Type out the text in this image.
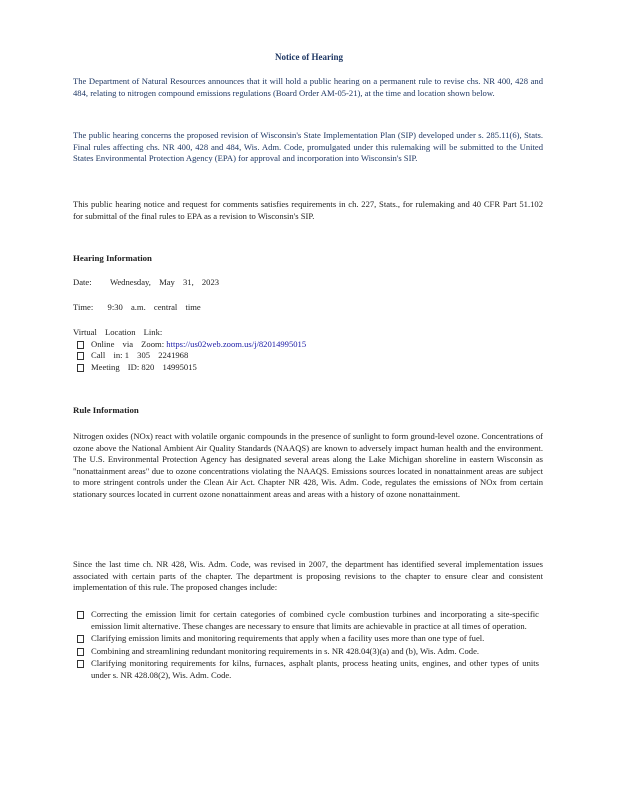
Notice of Hearing
The Department of Natural Resources announces that it will hold a public hearing on a permanent rule to revise chs. NR 400, 428 and 484, relating to nitrogen compound emissions regulations (Board Order AM-05-21), at the time and location shown below.
The public hearing concerns the proposed revision of Wisconsin's State Implementation Plan (SIP) developed under s. 285.11(6), Stats. Final rules affecting chs. NR 400, 428 and 484, Wis. Adm. Code, promulgated under this rulemaking will be submitted to the United States Environmental Protection Agency (EPA) for approval and incorporation into Wisconsin's SIP.
This public hearing notice and request for comments satisfies requirements in ch. 227, Stats., for rulemaking and 40 CFR Part 51.102 for submittal of the final rules to EPA as a revision to Wisconsin's SIP.
Hearing Information
Date: Wednesday, May 31, 2023
Time: 9:30 a.m. central time
Virtual Location Link:
Online via Zoom: https://us02web.zoom.us/j/82014995015
Call in: 1 305 2241968
Meeting ID: 820 14995015
Rule Information
Nitrogen oxides (NOx) react with volatile organic compounds in the presence of sunlight to form ground-level ozone. Concentrations of ozone above the National Ambient Air Quality Standards (NAAQS) are known to adversely impact human health and the environment. The U.S. Environmental Protection Agency has designated several areas along the Lake Michigan shoreline in eastern Wisconsin as "nonattainment areas" due to ozone concentrations violating the NAAQS. Emissions sources located in nonattainment areas are subject to more stringent controls under the Clean Air Act. Chapter NR 428, Wis. Adm. Code, regulates the emissions of NOx from certain stationary sources located in current ozone nonattainment areas and areas with a history of ozone nonattainment.
Since the last time ch. NR 428, Wis. Adm. Code, was revised in 2007, the department has identified several implementation issues associated with certain parts of the chapter. The department is proposing revisions to the chapter to ensure clear and consistent implementation of this rule. The proposed changes include:
Correcting the emission limit for certain categories of combined cycle combustion turbines and incorporating a site-specific emission limit alternative. These changes are necessary to ensure that limits are achievable in practice at all times of operation.
Clarifying emission limits and monitoring requirements that apply when a facility uses more than one type of fuel.
Combining and streamlining redundant monitoring requirements in s. NR 428.04(3)(a) and (b), Wis. Adm. Code.
Clarifying monitoring requirements for kilns, furnaces, asphalt plants, process heating units, engines, and other types of units under s. NR 428.08(2), Wis. Adm. Code.
